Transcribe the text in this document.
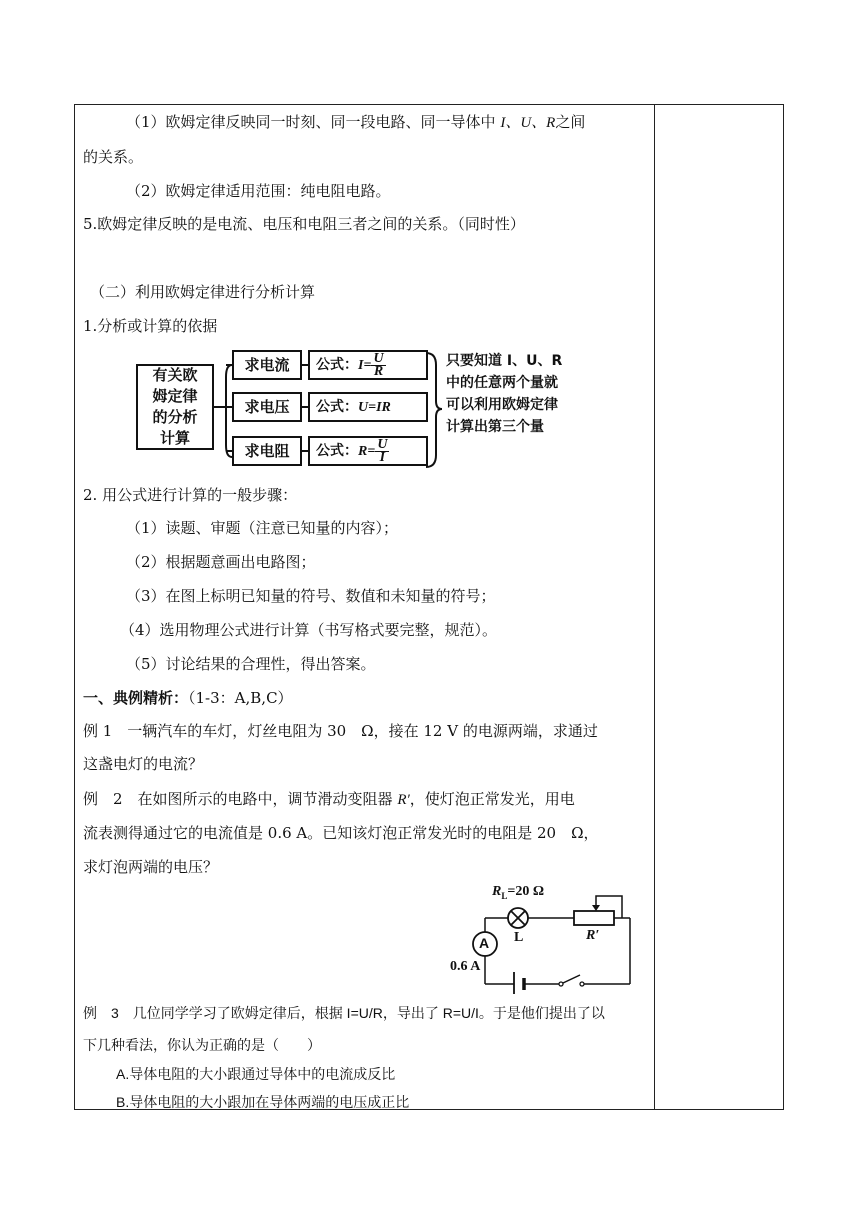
（1）欧姆定律反映同一时刻、同一段电路、同一导体中 I、U、R之间
的关系。
（2）欧姆定律适用范围：纯电阻电路。
5.欧姆定律反映的是电流、电压和电阻三者之间的关系。（同时性）
（二）利用欧姆定律进行分析计算
1.分析或计算的依据
有关欧
姆定律
的分析
计算
求电流
求电压
求电阻
公式：$I= \frac{U}{R}$
公式：U=IR
公式：$R= \frac{U}{I}$
只要知道 I、U、R
中的任意两个量就
可以利用欧姆定律
计算出第三个量
2. 用公式进行计算的一般步骤：
（1）读题、审题（注意已知量的内容）；
（2）根据题意画出电路图；
（3）在图上标明已知量的符号、数值和未知量的符号；
（4）选用物理公式进行计算（书写格式要完整，规范）。
（5）讨论结果的合理性，得出答案。
一、典例精析：（1-3：A,B,C）
例 1　一辆汽车的车灯，灯丝电阻为 30　Ω，接在 12 V 的电源两端，求通过
这盏电灯的电流？
例　2　在如图所示的电路中，调节滑动变阻器 R′，使灯泡正常发光，用电
流表测得通过它的电流值是 0.6 A。已知该灯泡正常发光时的电阻是 20　Ω，
求灯泡两端的电压？
$R_L=20$ Ω
L	R′
A
0.6 A
例　3　几位同学学习了欧姆定律后，根据 I=U/R，导出了 R=U/I。于是他们提出了以
下几种看法，你认为正确的是（　　）
A.导体电阻的大小跟通过导体中的电流成反比
B.导体电阻的大小跟加在导体两端的电压成正比
